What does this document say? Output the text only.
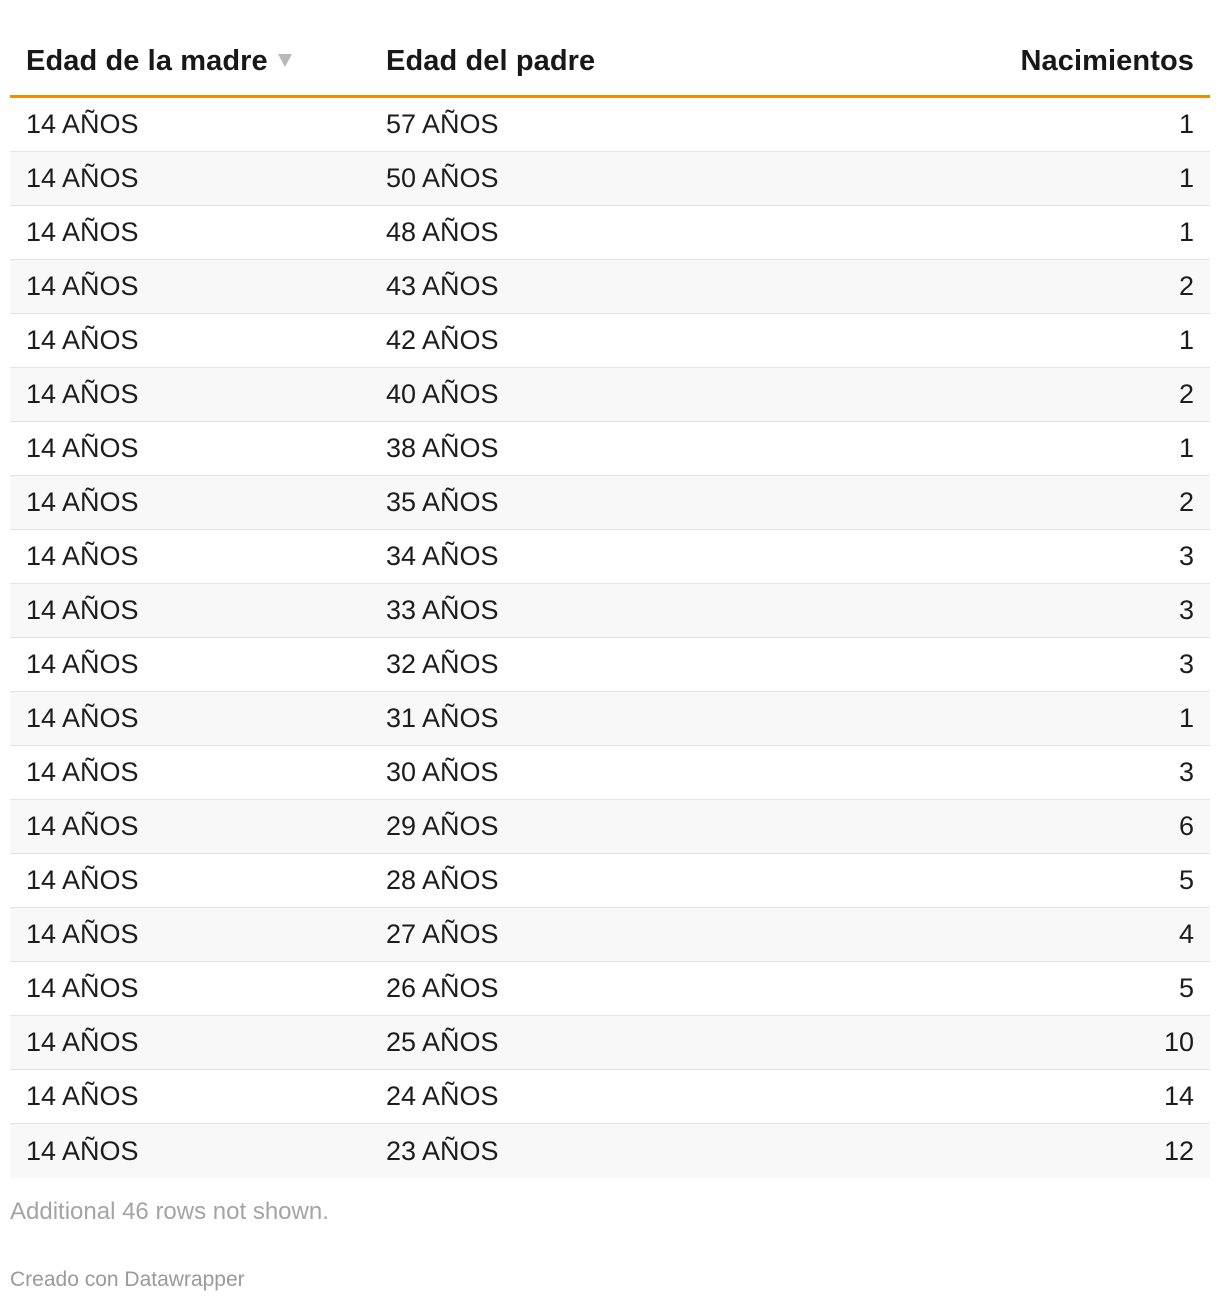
Edad de la madre	Edad del padre	Nacimientos
14 AÑOS	57 AÑOS	1
14 AÑOS	50 AÑOS	1
14 AÑOS	48 AÑOS	1
14 AÑOS	43 AÑOS	2
14 AÑOS	42 AÑOS	1
14 AÑOS	40 AÑOS	2
14 AÑOS	38 AÑOS	1
14 AÑOS	35 AÑOS	2
14 AÑOS	34 AÑOS	3
14 AÑOS	33 AÑOS	3
14 AÑOS	32 AÑOS	3
14 AÑOS	31 AÑOS	1
14 AÑOS	30 AÑOS	3
14 AÑOS	29 AÑOS	6
14 AÑOS	28 AÑOS	5
14 AÑOS	27 AÑOS	4
14 AÑOS	26 AÑOS	5
14 AÑOS	25 AÑOS	10
14 AÑOS	24 AÑOS	14
14 AÑOS	23 AÑOS	12
Additional 46 rows not shown.
Creado con Datawrapper
